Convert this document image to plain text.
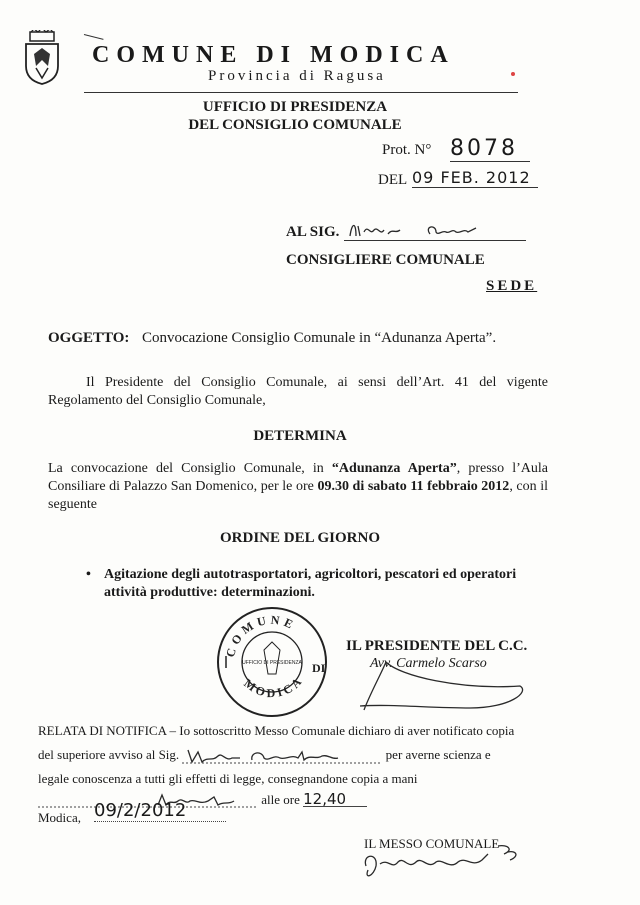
COMUNE DI MODICA
Provincia di Ragusa
UFFICIO DI PRESIDENZA
DEL CONSIGLIO COMUNALE
Prot. N° 8078
DEL 09 FEB. 2012
AL SIG.
CONSIGLIERE COMUNALE
SEDE
OGGETTO: Convocazione Consiglio Comunale in “Adunanza Aperta”.
Il Presidente del Consiglio Comunale, ai sensi dell’Art. 41 del vigente Regolamento del Consiglio Comunale,
DETERMINA
La convocazione del Consiglio Comunale, in “Adunanza Aperta”, presso l’Aula Consiliare di Palazzo San Domenico, per le ore 09.30 di sabato 11 febbraio 2012, con il seguente
ORDINE DEL GIORNO
• Agitazione degli autotrasportatori, agricoltori, pescatori ed operatori attività produttive: determinazioni.
COMUNE
DI
MODICA
UFFICIO DI PRESIDENZA
IL PRESIDENTE DEL C.C.
Avv. Carmelo Scarso
RELATA DI NOTIFICA – Io sottoscritto Messo Comunale dichiaro di aver notificato copia
del superiore avviso al Sig.	per averne scienza e
legale conoscenza a tutti gli effetti di legge, consegnandone copia a mani
alle ore 12,40
Modica, 09/2/2012
IL MESSO COMUNALE
